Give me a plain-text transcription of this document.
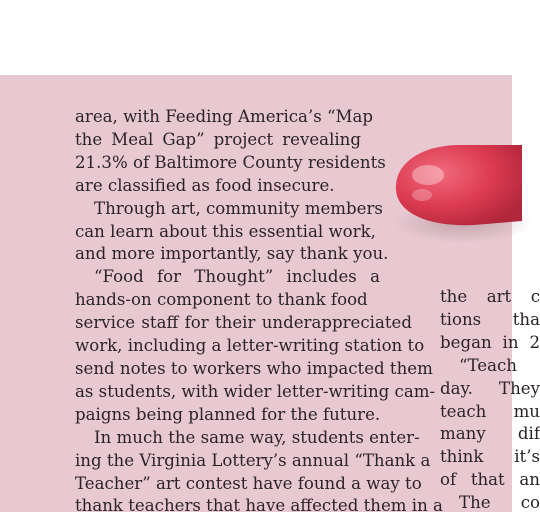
area, with Feeding America’s “Map
the Meal Gap” project revealing
21.3% of Baltimore County residents
are classified as food insecure.
Through art, community members
can learn about this essential work,
and more importantly, say thank you.
“Food for Thought” includes a
hands-on component to thank food
service staff for their underappreciated
work, including a letter-writing station to
send notes to workers who impacted them
as students, with wider letter-writing cam-
paigns being planned for the future.
In much the same way, students enter-
ing the Virginia Lottery’s annual “Thank a
Teacher” art contest have found a way to
thank teachers that have affected them in a
the art c
tions tha
began in 2
“Teach
day. They
teach mu
many dif
think it’s
of that an
The co
